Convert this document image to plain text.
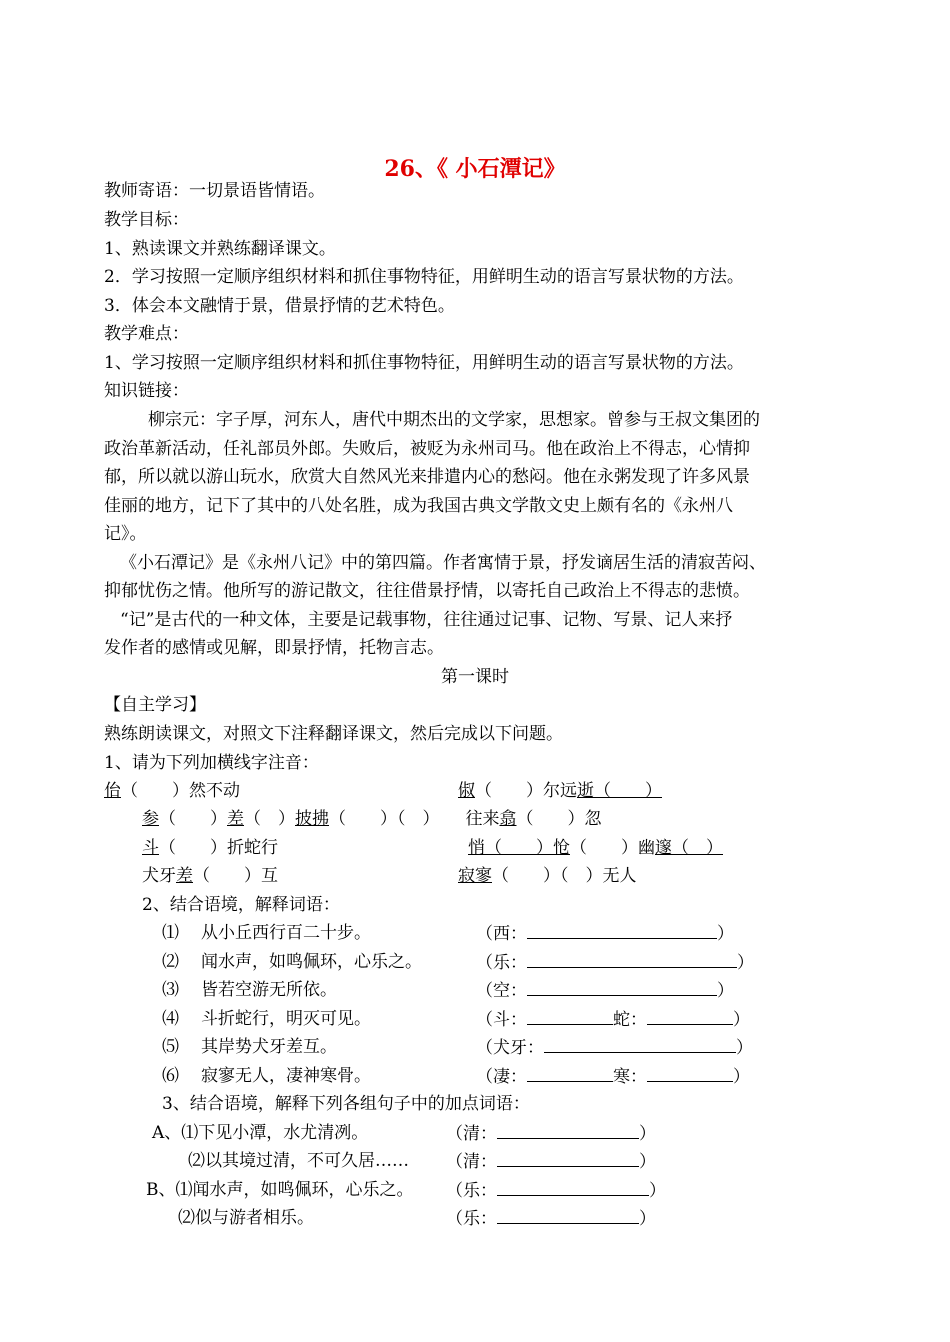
26、《 小石潭记》
教师寄语：一切景语皆情语。
教学目标：
1、熟读课文并熟练翻译课文。
2．学习按照一定顺序组织材料和抓住事物特征，用鲜明生动的语言写景状物的方法。
3．体会本文融情于景，借景抒情的艺术特色。
教学难点：
1、学习按照一定顺序组织材料和抓住事物特征，用鲜明生动的语言写景状物的方法。
知识链接：
柳宗元：字子厚，河东人，唐代中期杰出的文学家，思想家。曾参与王叔文集团的
政治革新活动，任礼部员外郎。失败后，被贬为永州司马。他在政治上不得志，心情抑
郁，所以就以游山玩水，欣赏大自然风光来排遣内心的愁闷。他在永粥发现了许多风景
佳丽的地方，记下了其中的八处名胜，成为我国古典文学散文史上颇有名的《永州八
记》。
《小石潭记》是《永州八记》中的第四篇。作者寓情于景，抒发谪居生活的清寂苦闷、
抑郁忧伤之情。他所写的游记散文，往往借景抒情，以寄托自己政治上不得志的悲愤。
“记”是古代的一种文体，主要是记载事物，往往通过记事、记物、写景、记人来抒
发作者的感情或见解，即景抒情，托物言志。
第一课时
【自主学习】
熟练朗读课文，对照文下注释翻译课文，然后完成以下问题。
1、请为下列加横线字注音：
佁（　　）然不动	俶（　　）尔远逝（　　）
参（　　）差（　）披拂（　　）（　） 往来翕（　　）忽
斗（　　）折蛇行	悄（　　）怆（　　）幽邃（　）
犬牙差（　　）互	寂寥（　　）（　）无人
2、结合语境，解释词语：
⑴ 从小丘西行百二十步。	（西：	）
⑵ 闻水声，如鸣佩环，心乐之。	（乐：	）
⑶ 皆若空游无所依。	（空：	）
⑷ 斗折蛇行，明灭可见。	（斗：	蛇：	）
⑸ 其岸势犬牙差互。	（犬牙：	）
⑹ 寂寥无人，凄神寒骨。	（凄：	寒：	）
3、结合语境，解释下列各组句子中的加点词语：
A、⑴下见小潭，水尤清冽。	（清：	）
⑵以其境过清，不可久居…… （清：	）
B、⑴闻水声，如鸣佩环，心乐之。 （乐：	）
⑵似与游者相乐。	（乐：	）
